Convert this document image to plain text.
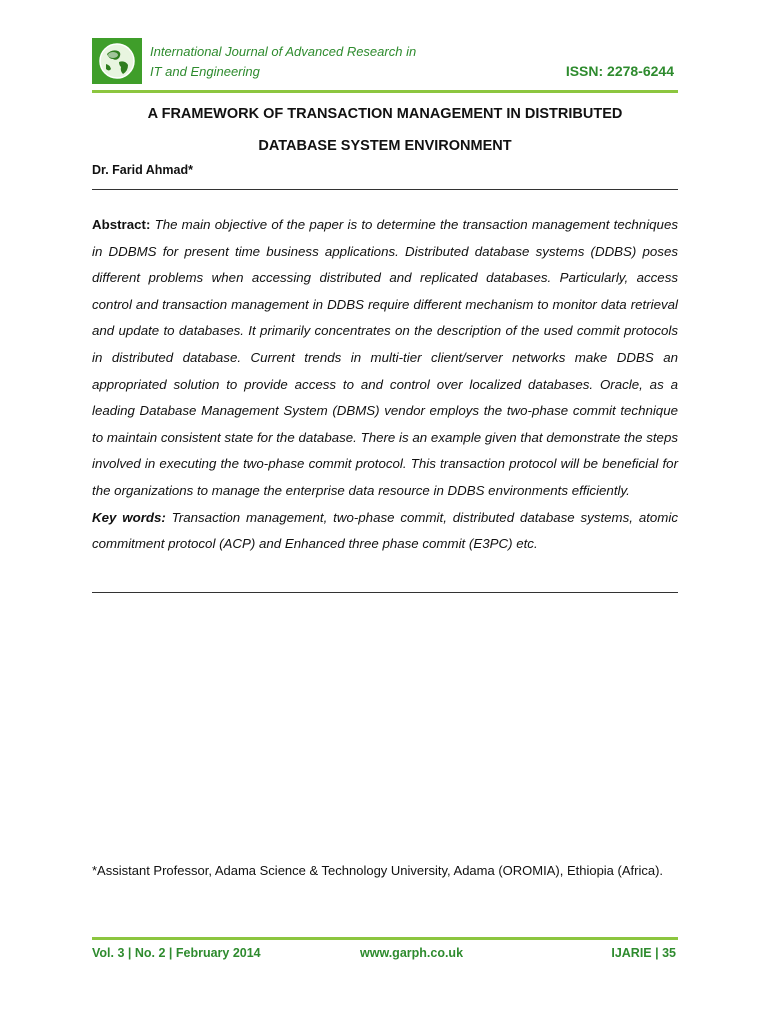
International Journal of Advanced Research in
IT and Engineering	ISSN: 2278-6244
A FRAMEWORK OF TRANSACTION MANAGEMENT IN DISTRIBUTED
DATABASE SYSTEM ENVIRONMENT
Dr. Farid Ahmad*

Abstract: The main objective of the paper is to determine the transaction management techniques in DDBMS for present time business applications. Distributed database systems (DDBS) poses different problems when accessing distributed and replicated databases. Particularly, access control and transaction management in DDBS require different mechanism to monitor data retrieval and update to databases. It primarily concentrates on the description of the used commit protocols in distributed database. Current trends in multi-tier client/server networks make DDBS an appropriated solution to provide access to and control over localized databases. Oracle, as a leading Database Management System (DBMS) vendor employs the two-phase commit technique to maintain consistent state for the database. There is an example given that demonstrate the steps involved in executing the two-phase commit protocol. This transaction protocol will be beneficial for the organizations to manage the enterprise data resource in DDBS environments efficiently.

Key words: Transaction management, two-phase commit, distributed database systems, atomic commitment protocol (ACP) and Enhanced three phase commit (E3PC) etc.

*Assistant Professor, Adama Science & Technology University, Adama (OROMIA), Ethiopia (Africa).
Vol. 3 | No. 2 | February 2014	www.garph.co.uk	IJARIE | 35
